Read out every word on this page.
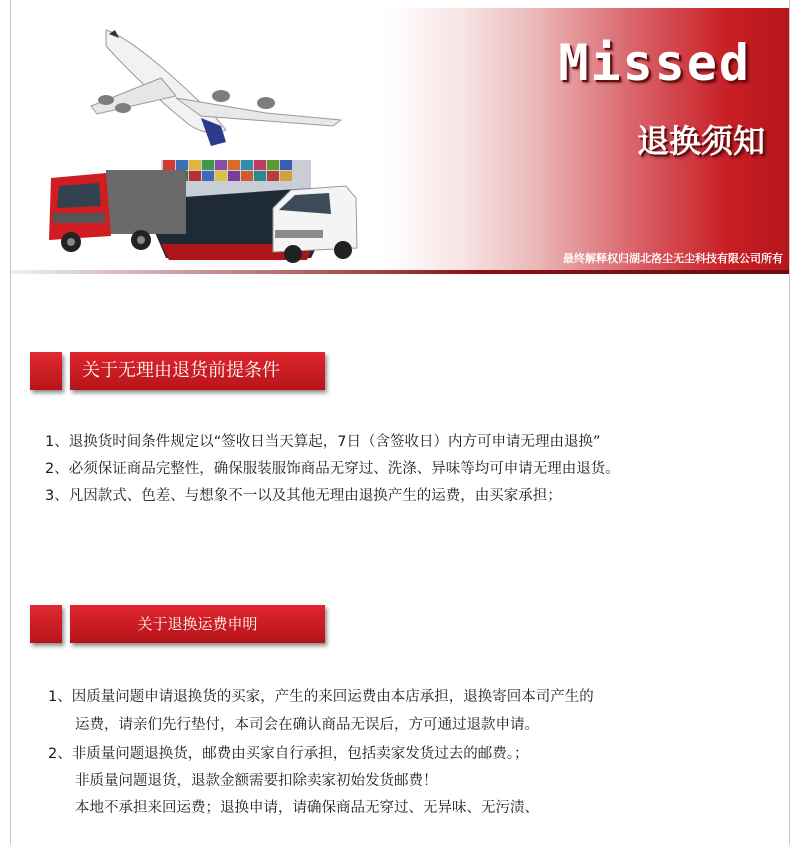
Missed
退换须知
最终解释权归湖北洛尘无尘科技有限公司所有
关于无理由退货前提条件
1、退换货时间条件规定以“签收日当天算起，7日（含签收日）内方可申请无理由退换”
2、必须保证商品完整性，确保服装服饰商品无穿过、洗涤、异味等均可申请无理由退货。
3、凡因款式、色差、与想象不一以及其他无理由退换产生的运费，由买家承担；
关于退换运费申明
1、因质量问题申请退换货的买家，产生的来回运费由本店承担，退换寄回本司产生的
运费，请亲们先行垫付，本司会在确认商品无误后，方可通过退款申请。
2、非质量问题退换货，邮费由买家自行承担，包括卖家发货过去的邮费。；
非质量问题退货，退款金额需要扣除卖家初始发货邮费！
本地不承担来回运费；退换申请，请确保商品无穿过、无异味、无污渍、
